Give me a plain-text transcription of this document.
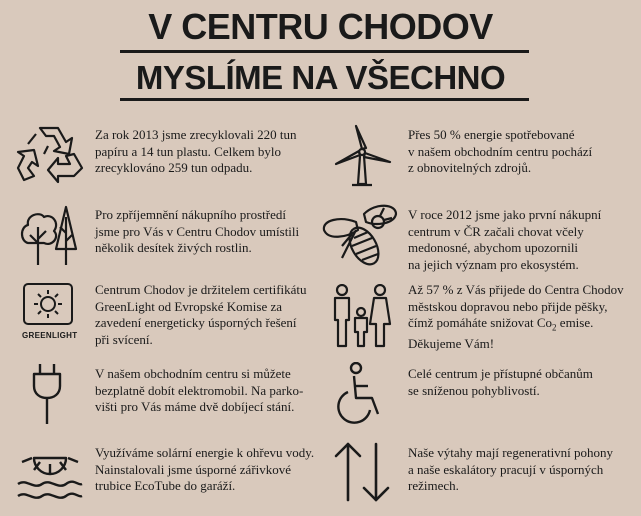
V CENTRU CHODOV
MYSLÍME NA VŠECHNO
Za rok 2013 jsme zrecyklovali 220 tun
papíru a 14 tun plastu. Celkem bylo
zrecyklováno 259 tun odpadu.
Přes 50 % energie spotřebované
v našem obchodním centru pochází
z obnovitelných zdrojů.
Pro zpříjemnění nákupního prostředí
jsme pro Vás v Centru Chodov umístili
několik desítek živých rostlin.
V roce 2012 jsme jako první nákupní
centrum v ČR začali chovat včely
medonosné, abychom upozornili
na jejich význam pro ekosystém.
GREENLIGHT
Centrum Chodov je držitelem certifikátu
GreenLight od Evropské Komise za
zavedení energeticky úsporných řešení
při svícení.
Až 57 % z Vás přijede do Centra Chodov
městskou dopravou nebo přijde pěšky,
čímž pomáháte snižovat $Co_2$ emise.
Děkujeme Vám!
V našem obchodním centru si můžete
bezplatně dobít elektromobil. Na parko-
višti pro Vás máme dvě dobíjecí stání.
Celé centrum je přístupné občanům
se sníženou pohyblivostí.
Využíváme solární energie k ohřevu vody.
Nainstalovali jsme úsporné zářivkové
trubice EcoTube do garáží.
Naše výtahy mají regenerativní pohony
a naše eskalátory pracují v úsporných
režimech.
